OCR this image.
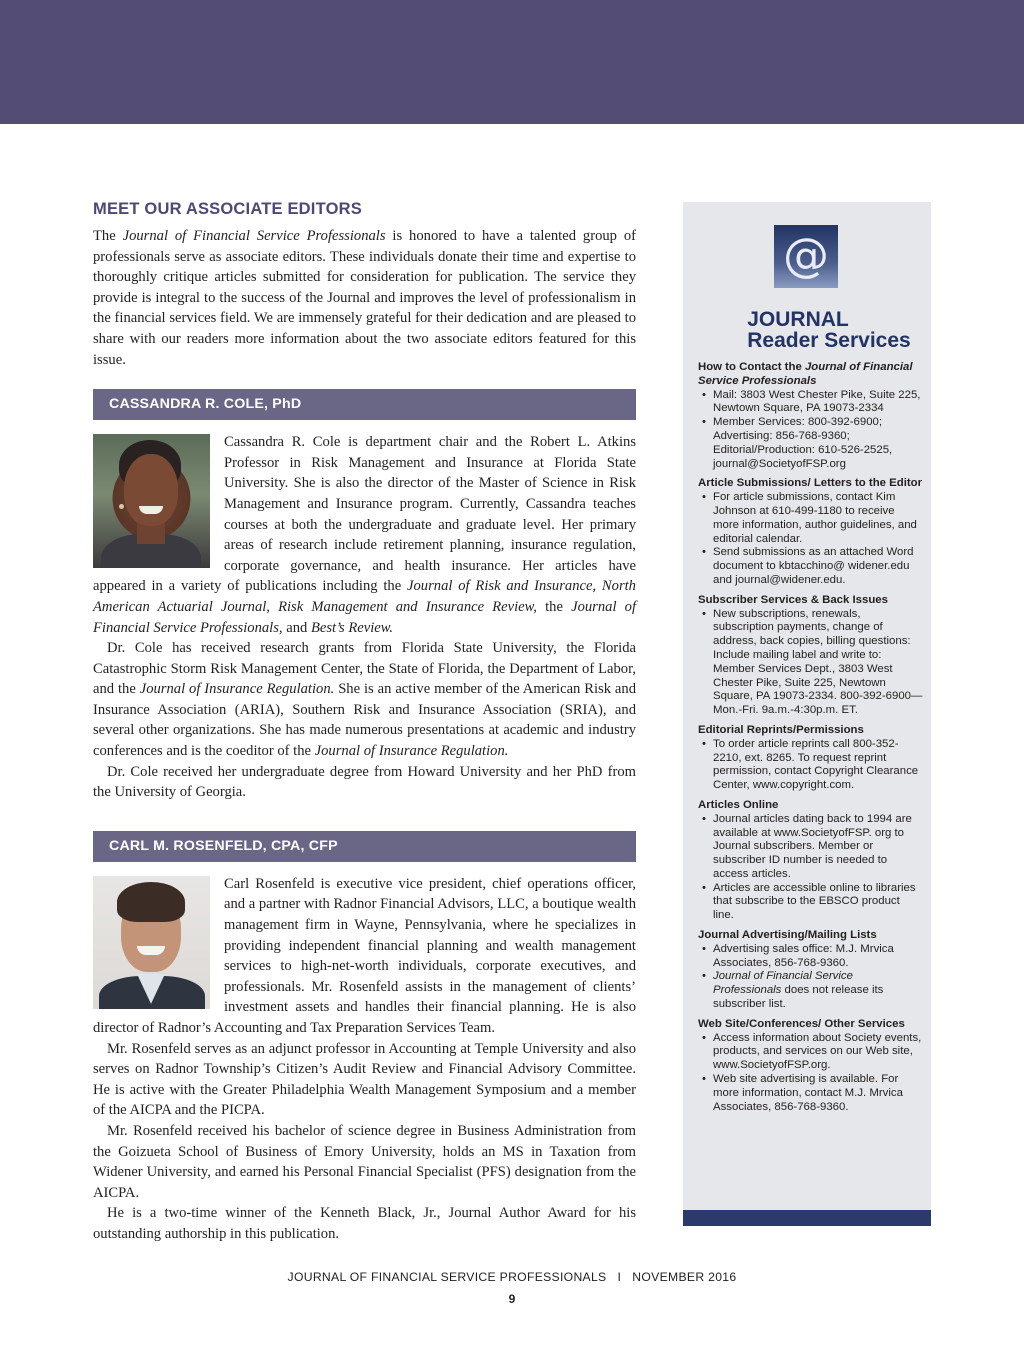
MEET OUR ASSOCIATE EDITORS

The Journal of Financial Service Professionals is honored to have a talented group of professionals serve as associate editors. These individuals donate their time and expertise to thoroughly critique articles submitted for consideration for publication. The service they provide is integral to the success of the Journal and improves the level of professionalism in the financial services field. We are immensely grateful for their dedication and are pleased to share with our readers more information about the two associate editors featured for this issue.

CASSANDRA R. COLE, PhD

Cassandra R. Cole is department chair and the Robert L. Atkins Professor in Risk Management and Insurance at Florida State University. She is also the director of the Master of Science in Risk Management and Insurance program. Currently, Cassandra teaches courses at both the undergraduate and graduate level. Her primary areas of research include retirement planning, insurance regulation, corporate governance, and health insurance. Her articles have appeared in a variety of publications including the Journal of Risk and Insurance, North American Actuarial Journal, Risk Management and Insurance Review, the Journal of Financial Service Professionals, and Best’s Review.

Dr. Cole has received research grants from Florida State University, the Florida Catastrophic Storm Risk Management Center, the State of Florida, the Department of Labor, and the Journal of Insurance Regulation. She is an active member of the American Risk and Insurance Association (ARIA), Southern Risk and Insurance Association (SRIA), and several other organizations. She has made numerous presentations at academic and industry conferences and is the coeditor of the Journal of Insurance Regulation.

Dr. Cole received her undergraduate degree from Howard University and her PhD from the University of Georgia.

CARL M. ROSENFELD, CPA, CFP

Carl Rosenfeld is executive vice president, chief operations officer, and a partner with Radnor Financial Advisors, LLC, a boutique wealth management firm in Wayne, Pennsylvania, where he specializes in providing independent financial planning and wealth management services to high-net-worth individuals, corporate executives, and professionals. Mr. Rosenfeld assists in the management of clients’ investment assets and handles their financial planning. He is also director of Radnor’s Accounting and Tax Preparation Services Team.

Mr. Rosenfeld serves as an adjunct professor in Accounting at Temple University and also serves on Radnor Township’s Citizen’s Audit Review and Financial Advisory Committee. He is active with the Greater Philadelphia Wealth Management Symposium and a member of the AICPA and the PICPA.

Mr. Rosenfeld received his bachelor of science degree in Business Administration from the Goizueta School of Business of Emory University, holds an MS in Taxation from Widener University, and earned his Personal Financial Specialist (PFS) designation from the AICPA.

He is a two-time winner of the Kenneth Black, Jr., Journal Author Award for his outstanding authorship in this publication.

@
JOURNAL
Reader Services
How to Contact the Journal of Financial Service Professionals
• Mail: 3803 West Chester Pike, Suite 225, Newtown Square, PA 19073-2334
• Member Services: 800-392-6900; Advertising: 856-768-9360; Editorial/Production: 610-526-2525, journal@SocietyofFSP.org
Article Submissions/ Letters to the Editor
• For article submissions, contact Kim Johnson at 610-499-1180 to receive more information, author guidelines, and editorial calendar.
• Send submissions as an attached Word document to kbtacchino@ widener.edu and journal@widener.edu.
Subscriber Services & Back Issues
• New subscriptions, renewals, subscription payments, change of address, back copies, billing questions: Include mailing label and write to: Member Services Dept., 3803 West Chester Pike, Suite 225, Newtown Square, PA 19073-2334. 800-392-6900—Mon.-Fri. 9a.m.-4:30p.m. ET.
Editorial Reprints/Permissions
• To order article reprints call 800-352-2210, ext. 8265. To request reprint permission, contact Copyright Clearance Center, www.copyright.com.
Articles Online
• Journal articles dating back to 1994 are available at www.SocietyofFSP. org to Journal subscribers. Member or subscriber ID number is needed to access articles.
• Articles are accessible online to libraries that subscribe to the EBSCO product line.
Journal Advertising/Mailing Lists
• Advertising sales office: M.J. Mrvica Associates, 856-768-9360.
• Journal of Financial Service Professionals does not release its subscriber list.
Web Site/Conferences/ Other Services
• Access information about Society events, products, and services on our Web site, www.SocietyofFSP.org.
• Web site advertising is available. For more information, contact M.J. Mrvica Associates, 856-768-9360.
JOURNAL OF FINANCIAL SERVICE PROFESSIONALS   I   NOVEMBER 2016
9
